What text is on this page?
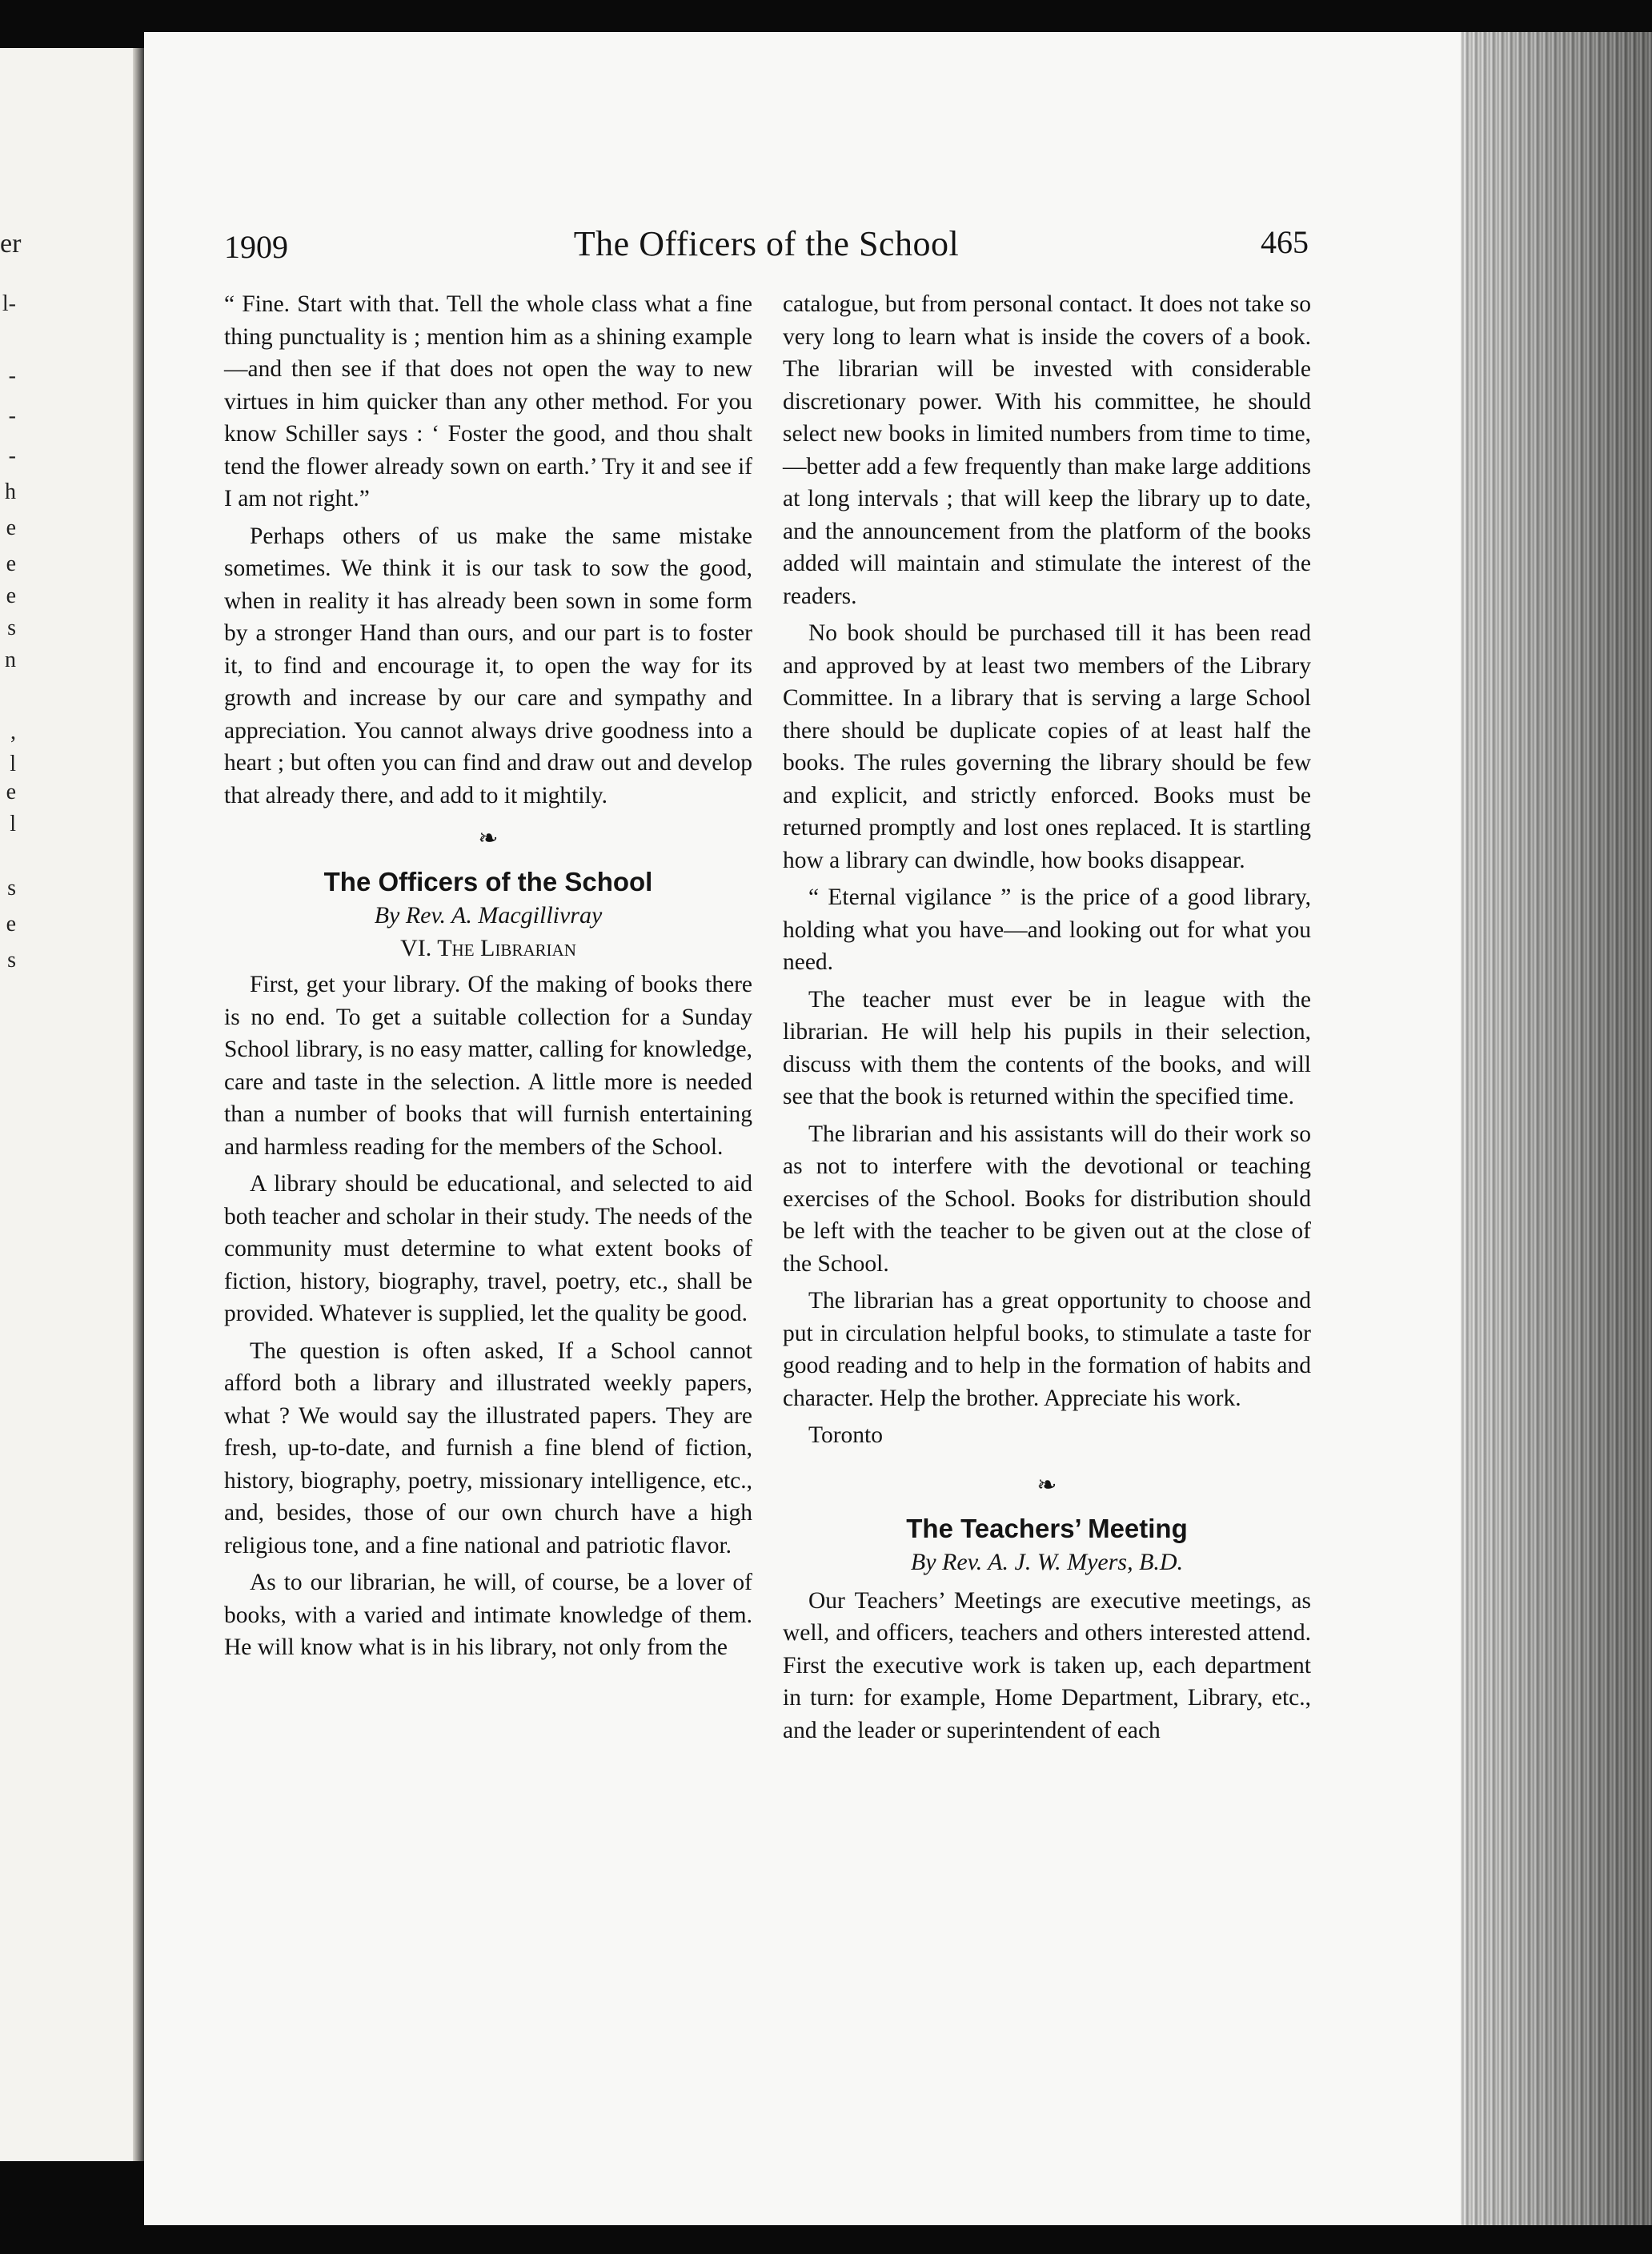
er
l-
-
-
-
h
e
e
e
s
n
,
l
e
l
s
e
s
1909	The Officers of the School	465

“ Fine. Start with that. Tell the whole class what a fine thing punctuality is ; mention him as a shining example—and then see if that does not open the way to new virtues in him quicker than any other method. For you know Schiller says : ‘ Foster the good, and thou shalt tend the flower already sown on earth.’ Try it and see if I am not right.”

Perhaps others of us make the same mistake sometimes. We think it is our task to sow the good, when in reality it has already been sown in some form by a stronger Hand than ours, and our part is to foster it, to find and encourage it, to open the way for its growth and increase by our care and sympathy and appreciation. You cannot always drive goodness into a heart ; but often you can find and draw out and develop that already there, and add to it mightily.

❧
The Officers of the School
By Rev. A. Macgillivray
VI. The Librarian

First, get your library. Of the making of books there is no end. To get a suitable collection for a Sunday School library, is no easy matter, calling for knowledge, care and taste in the selection. A little more is needed than a number of books that will furnish entertaining and harmless reading for the members of the School.

A library should be educational, and selected to aid both teacher and scholar in their study. The needs of the community must determine to what extent books of fiction, history, biography, travel, poetry, etc., shall be provided. Whatever is supplied, let the quality be good.

The question is often asked, If a School cannot afford both a library and illustrated weekly papers, what ? We would say the illustrated papers. They are fresh, up-to-date, and furnish a fine blend of fiction, history, biography, poetry, missionary intelligence, etc., and, besides, those of our own church have a high religious tone, and a fine national and patriotic flavor.

As to our librarian, he will, of course, be a lover of books, with a varied and intimate knowledge of them. He will know what is in his library, not only from the

catalogue, but from personal contact. It does not take so very long to learn what is inside the covers of a book. The librarian will be invested with considerable discretionary power. With his committee, he should select new books in limited numbers from time to time,—better add a few frequently than make large additions at long intervals ; that will keep the library up to date, and the announcement from the platform of the books added will maintain and stimulate the interest of the readers.

No book should be purchased till it has been read and approved by at least two members of the Library Committee. In a library that is serving a large School there should be duplicate copies of at least half the books. The rules governing the library should be few and explicit, and strictly enforced. Books must be returned promptly and lost ones replaced. It is startling how a library can dwindle, how books disappear.

“ Eternal vigilance ” is the price of a good library, holding what you have—and looking out for what you need.

The teacher must ever be in league with the librarian. He will help his pupils in their selection, discuss with them the contents of the books, and will see that the book is returned within the specified time.

The librarian and his assistants will do their work so as not to interfere with the devotional or teaching exercises of the School. Books for distribution should be left with the teacher to be given out at the close of the School.

The librarian has a great opportunity to choose and put in circulation helpful books, to stimulate a taste for good reading and to help in the formation of habits and character. Help the brother. Appreciate his work.

Toronto

❧
The Teachers’ Meeting
By Rev. A. J. W. Myers, B.D.

Our Teachers’ Meetings are executive meetings, as well, and officers, teachers and others interested attend. First the executive work is taken up, each department in turn: for example, Home Department, Library, etc., and the leader or superintendent of each
